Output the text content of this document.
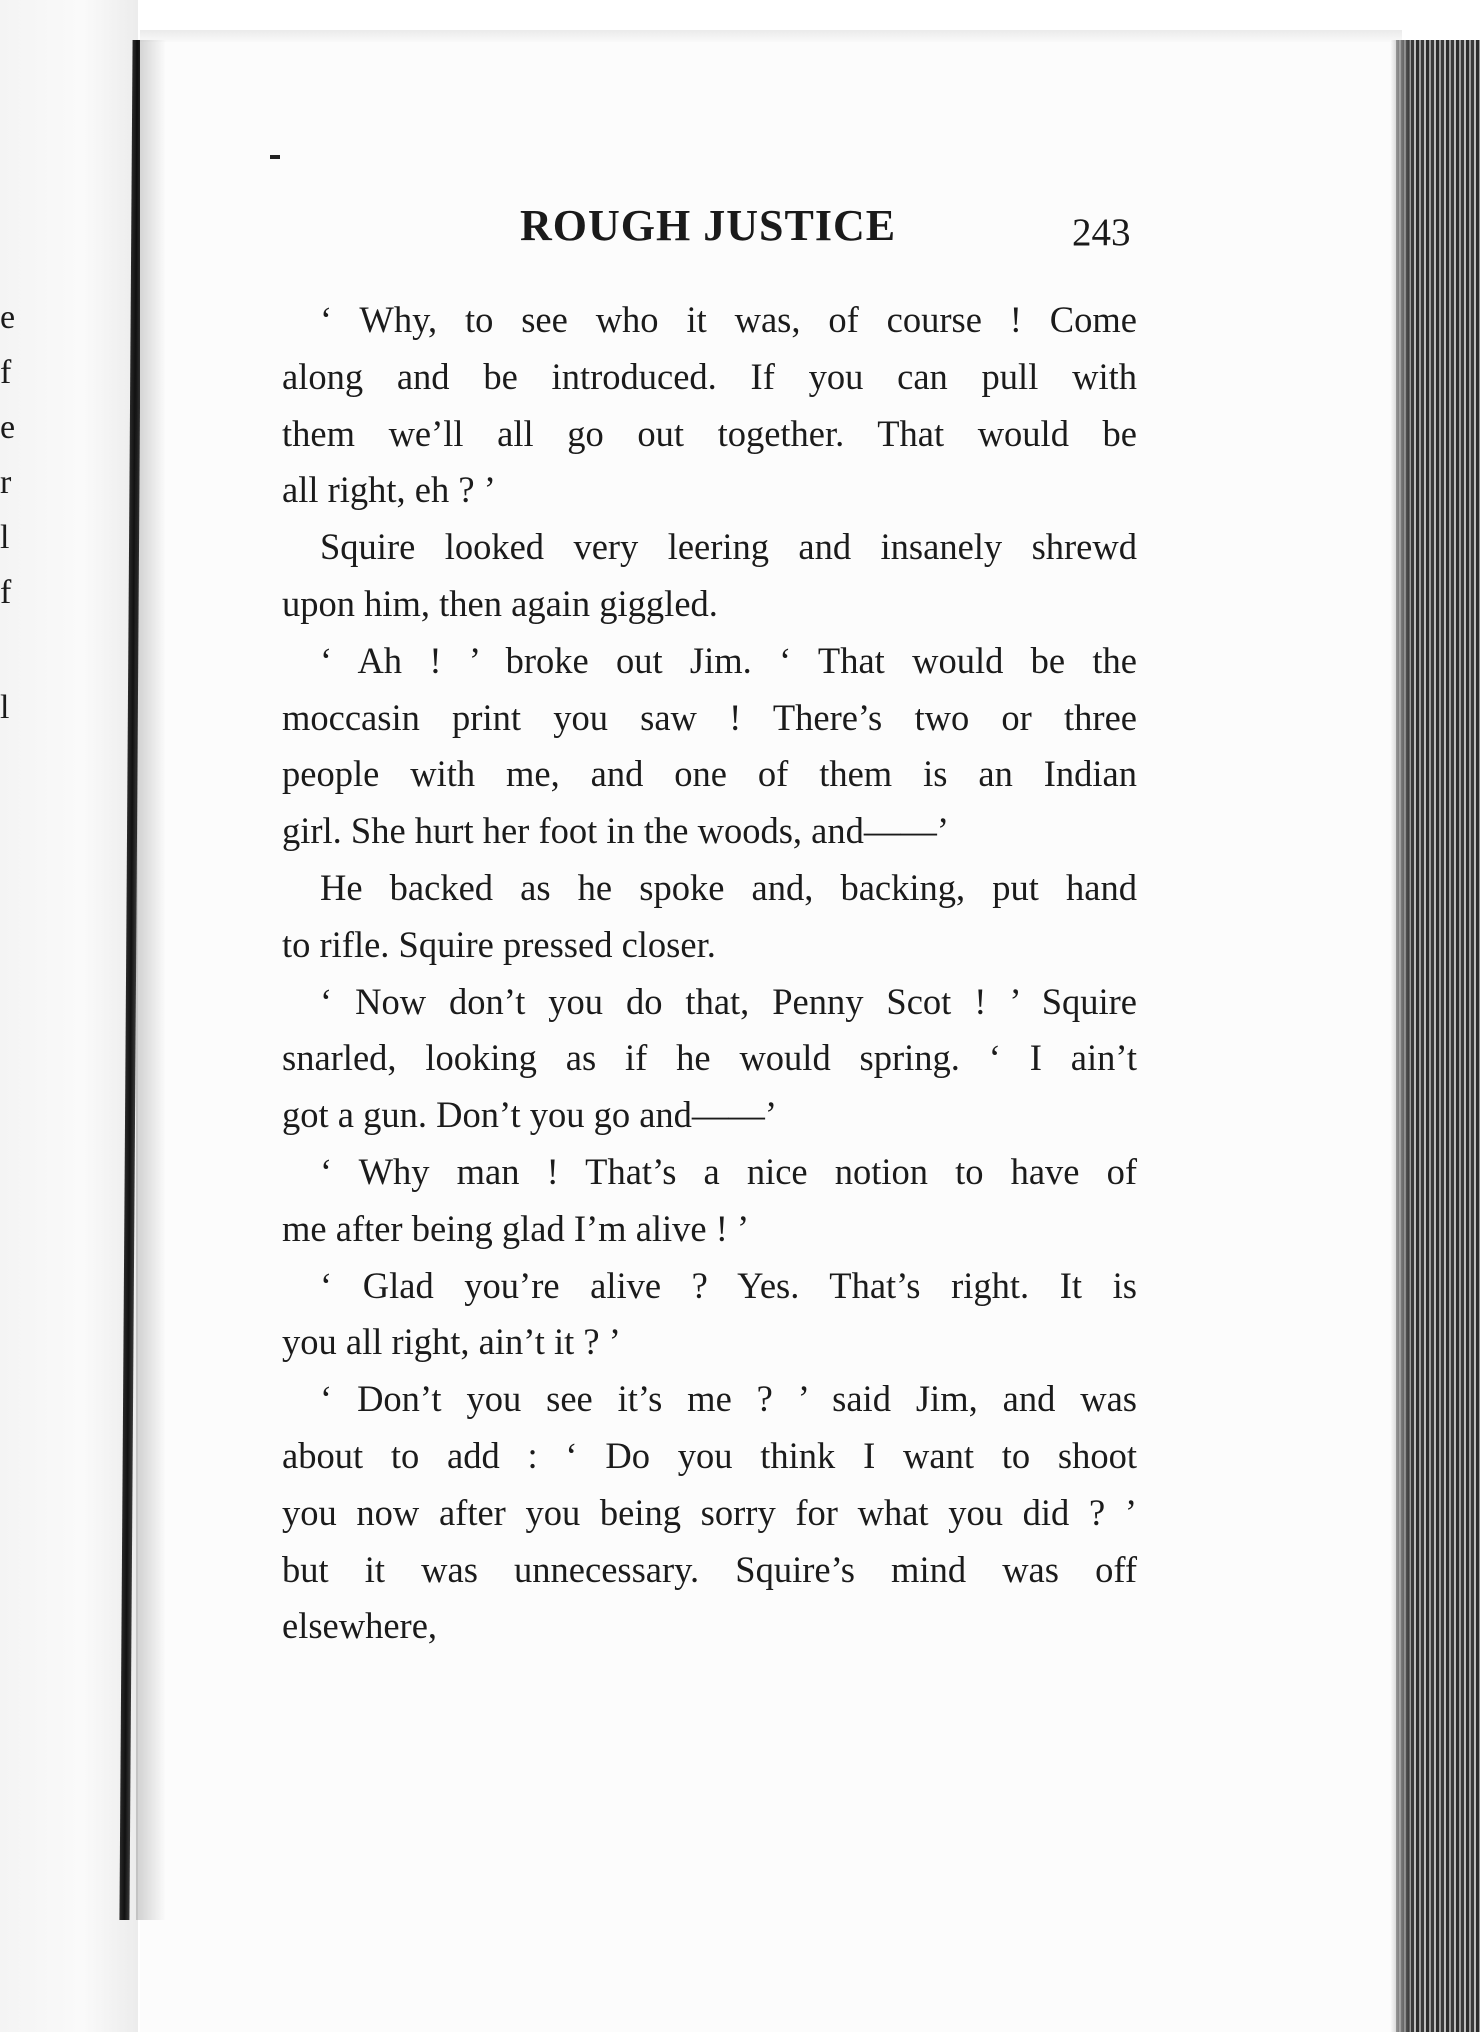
e
f
e
r
l
f
l
ROUGH JUSTICE	243
‘ Why, to see who it was, of course ! Come
along and be introduced. If you can pull with
them we’ll all go out together. That would be
all right, eh ? ’
Squire looked very leering and insanely shrewd
upon him, then again giggled.
‘ Ah ! ’ broke out Jim. ‘ That would be the
moccasin print you saw ! There’s two or three
people with me, and one of them is an Indian
girl. She hurt her foot in the woods, and——’
He backed as he spoke and, backing, put hand
to rifle. Squire pressed closer.
‘ Now don’t you do that, Penny Scot ! ’ Squire
snarled, looking as if he would spring. ‘ I ain’t
got a gun. Don’t you go and——’
‘ Why man ! That’s a nice notion to have of
me after being glad I’m alive ! ’
‘ Glad you’re alive ? Yes. That’s right. It is
you all right, ain’t it ? ’
‘ Don’t you see it’s me ? ’ said Jim, and was
about to add : ‘ Do you think I want to shoot
you now after you being sorry for what you did ? ’
but it was unnecessary. Squire’s mind was off
elsewhere,
